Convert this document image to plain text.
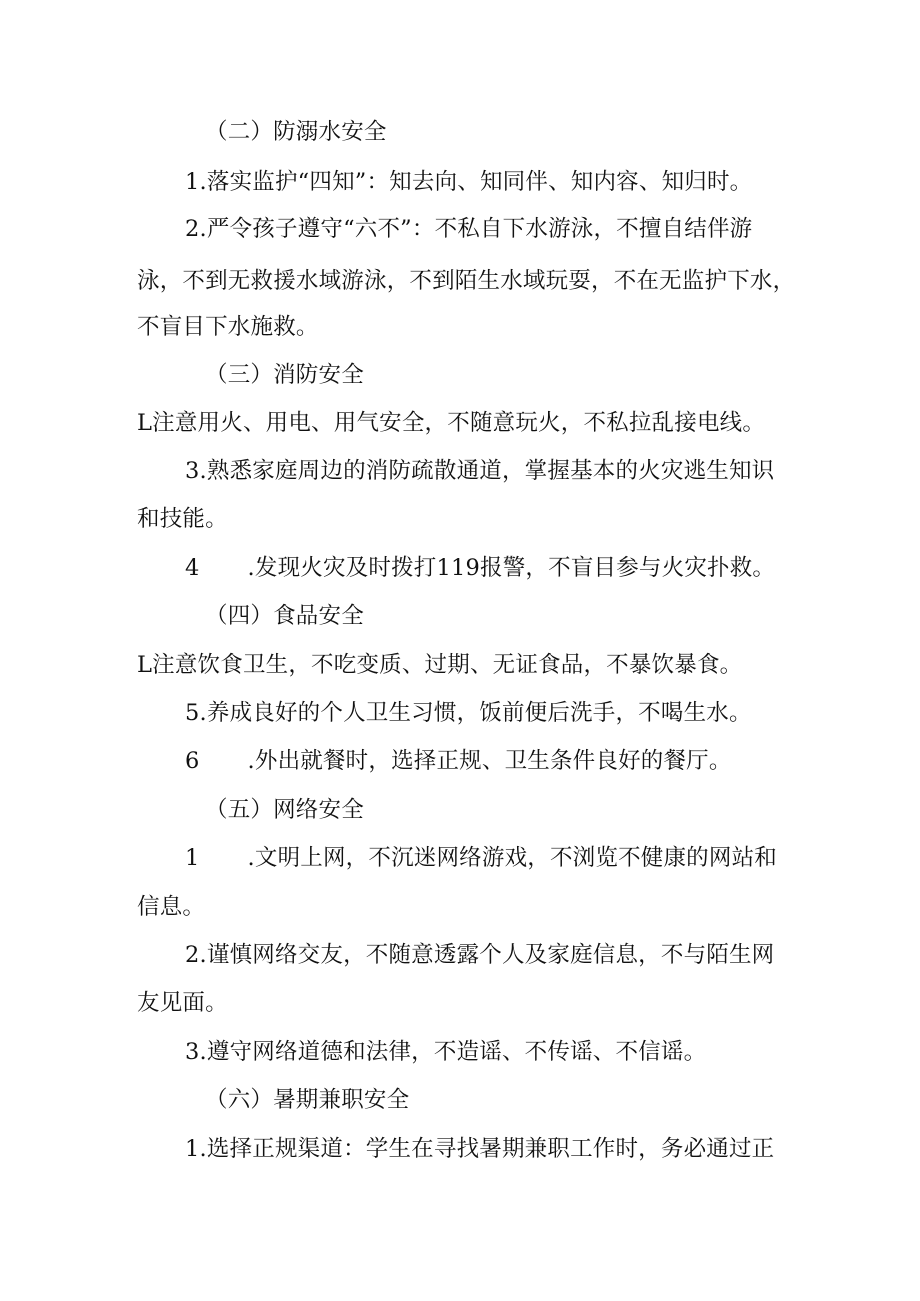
（二）防溺水安全
1.落实监护“四知”：知去向、知同伴、知内容、知归时。
2.严令孩子遵守“六不”：不私自下水游泳，不擅自结伴游
泳，不到无救援水域游泳，不到陌生水域玩耍，不在无监护下水，
不盲目下水施救。
（三）消防安全
L注意用火、用电、用气安全，不随意玩火，不私拉乱接电线。
3.熟悉家庭周边的消防疏散通道，掌握基本的火灾逃生知识
和技能。
4 .发现火灾及时拨打119报警，不盲目参与火灾扑救。
（四）食品安全
L注意饮食卫生，不吃变质、过期、无证食品，不暴饮暴食。
5.养成良好的个人卫生习惯，饭前便后洗手，不喝生水。
6 .外出就餐时，选择正规、卫生条件良好的餐厅。
（五）网络安全
1 .文明上网，不沉迷网络游戏，不浏览不健康的网站和
信息。
2.谨慎网络交友，不随意透露个人及家庭信息，不与陌生网
友见面。
3.遵守网络道德和法律，不造谣、不传谣、不信谣。
（六）暑期兼职安全
1.选择正规渠道：学生在寻找暑期兼职工作时，务必通过正
